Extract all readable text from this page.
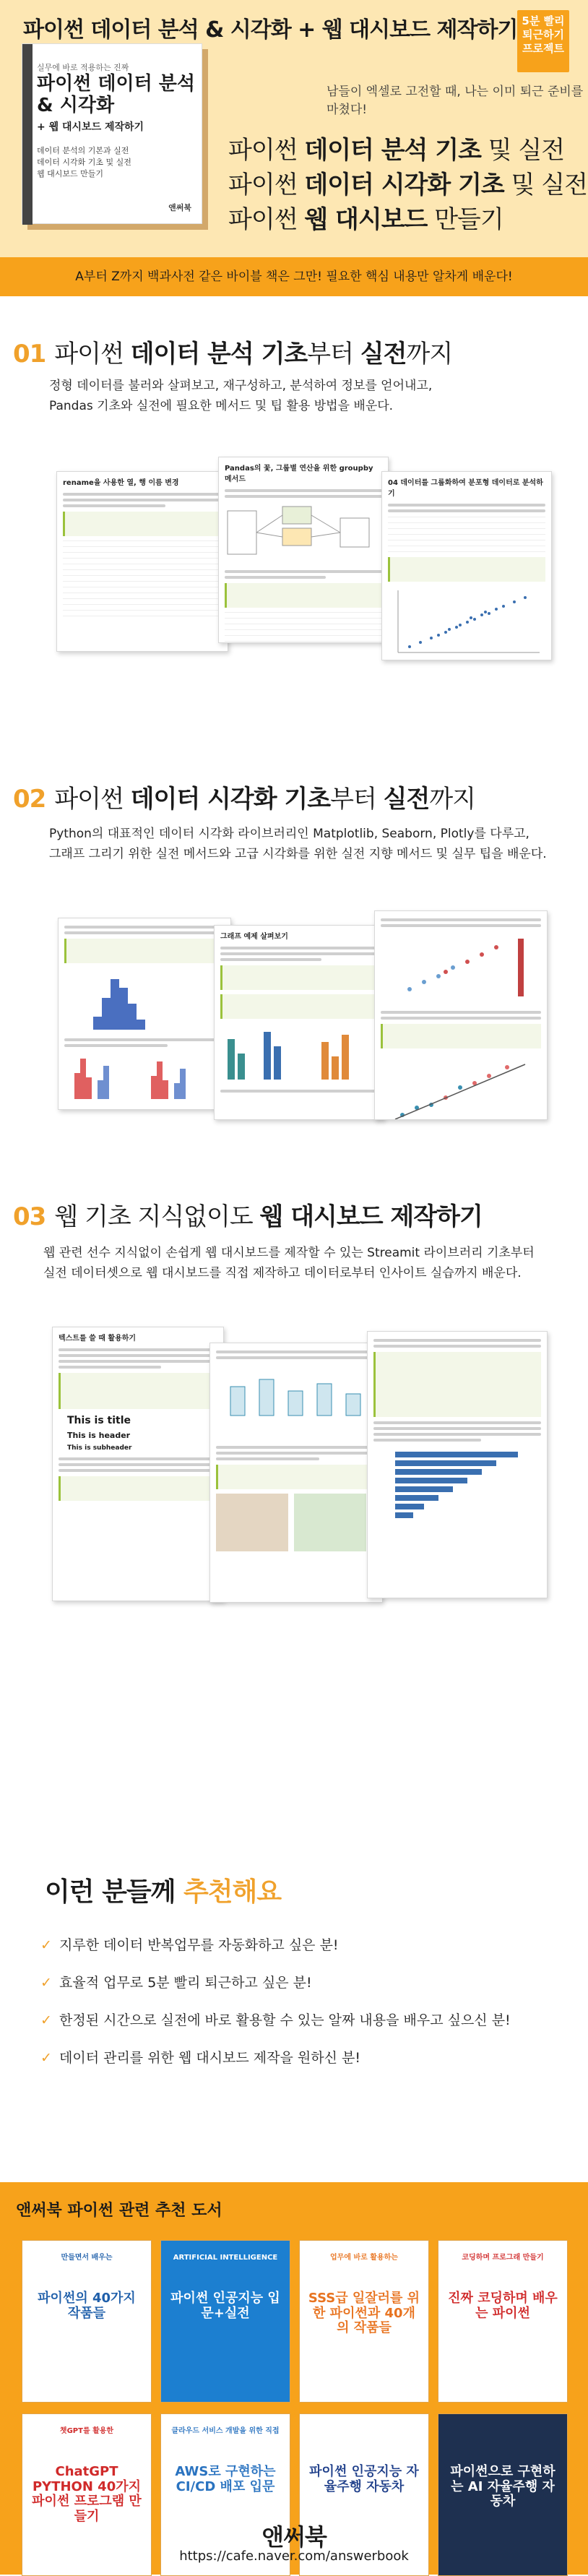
파이썬 데이터 분석 & 시각화 + 웹 대시보드 제작하기 5분 빨리
퇴근하기
프로젝트
실무에 바로 적용하는 진짜
파이썬 데이터 분석
& 시각화
+ 웹 대시보드 제작하기
데이터 분석의 기본과 실전
데이터 시각화 기초 및 실전
웹 대시보드 만들기
앤써북
남들이 엑셀로 고전할 때, 나는 이미 퇴근 준비를 마쳤다!
파이썬 데이터 분석 기초 및 실전
파이썬 데이터 시각화 기초 및 실전
파이썬 웹 대시보드 만들기
A부터 Z까지 백과사전 같은 바이블 책은 그만! 필요한 핵심 내용만 알차게 배운다!
01 파이썬 데이터 분석 기초부터 실전까지
정형 데이터를 불러와 살펴보고, 재구성하고, 분석하여 정보를 얻어내고,
Pandas 기초와 실전에 필요한 메서드 및 팁 활용 방법을 배운다.
rename을 사용한 열, 행 이름 변경
Pandas의 꽃, 그룹별 연산을 위한 groupby 메서드	04 데이터를 그룹화하여 분포형 데이터로 분석하기
02 파이썬 데이터 시각화 기초부터 실전까지
Python의 대표적인 데이터 시각화 라이브러리인 Matplotlib, Seaborn, Plotly를 다루고,
그래프 그리기 위한 실전 메서드와 고급 시각화를 위한 실전 지향 메서드 및 실무 팁을 배운다.
그래프 예제 살펴보기
03 웹 기초 지식없이도 웹 대시보드 제작하기
웹 관련 선수 지식없이 손쉽게 웹 대시보드를 제작할 수 있는 Streamit 라이브러리 기초부터
실전 데이터셋으로 웹 대시보드를 직접 제작하고 데이터로부터 인사이트 실습까지 배운다.
텍스트를 쓸 때 활용하기
This is title
This is header
This is subheader
이런 분들께 추천해요
✓ 지루한 데이터 반복업무를 자동화하고 싶은 분!
✓ 효율적 업무로 5분 빨리 퇴근하고 싶은 분!
✓ 한정된 시간으로 실전에 바로 활용할 수 있는 알짜 내용을 배우고 싶으신 분!
✓ 데이터 관리를 위한 웹 대시보드 제작을 원하신 분!
앤써북 파이썬 관련 추천 도서
만들면서 배우는
파이썬의 40가지 작품들
ARTIFICIAL INTELLIGENCE
파이썬 인공지능 입문+실전
업무에 바로 활용하는
SSS급 일잘러를 위한 파이썬과 40개의 작품들
코딩하며 프로그래 만들기
진짜 코딩하며 배우는 파이썬
챗GPT를 활용한
ChatGPT PYTHON 40가지 파이썬 프로그램 만들기
클라우드 서비스 개발을 위한 직접
AWS로 구현하는 CI/CD 배포 입문
파이썬 인공지능 자율주행 자동차
파이썬으로 구현하는 AI 자율주행 자동차
앤써북
https://cafe.naver.com/answerbook
